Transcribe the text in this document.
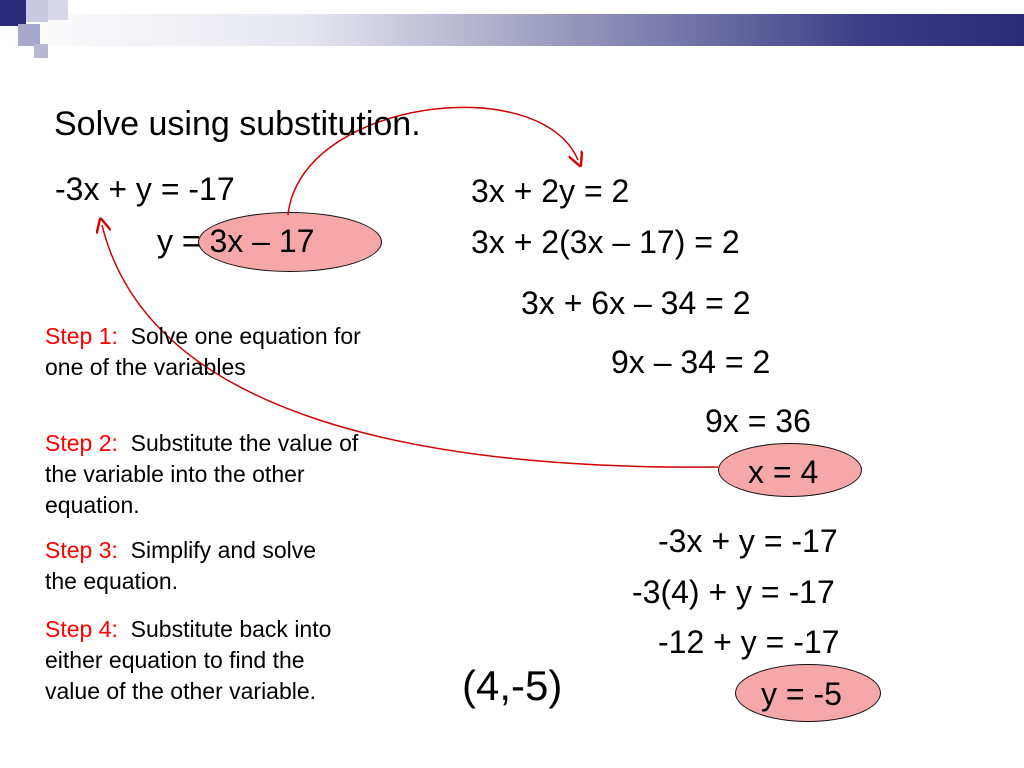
Solve using substitution.
-3x + y = -17
y = 3x – 17
3x + 2y = 2
3x + 2(3x – 17) = 2
3x + 6x – 34 = 2
9x – 34 = 2
9x = 36
x = 4
-3x + y = -17
-3(4) + y = -17
-12 + y = -17
y = -5
(4,-5)
Step 1: Solve one equation for one of the variables
Step 2: Substitute the value of the variable into the other equation.
Step 3: Simplify and solve the equation.
Step 4: Substitute back into either equation to find the value of the other variable.
